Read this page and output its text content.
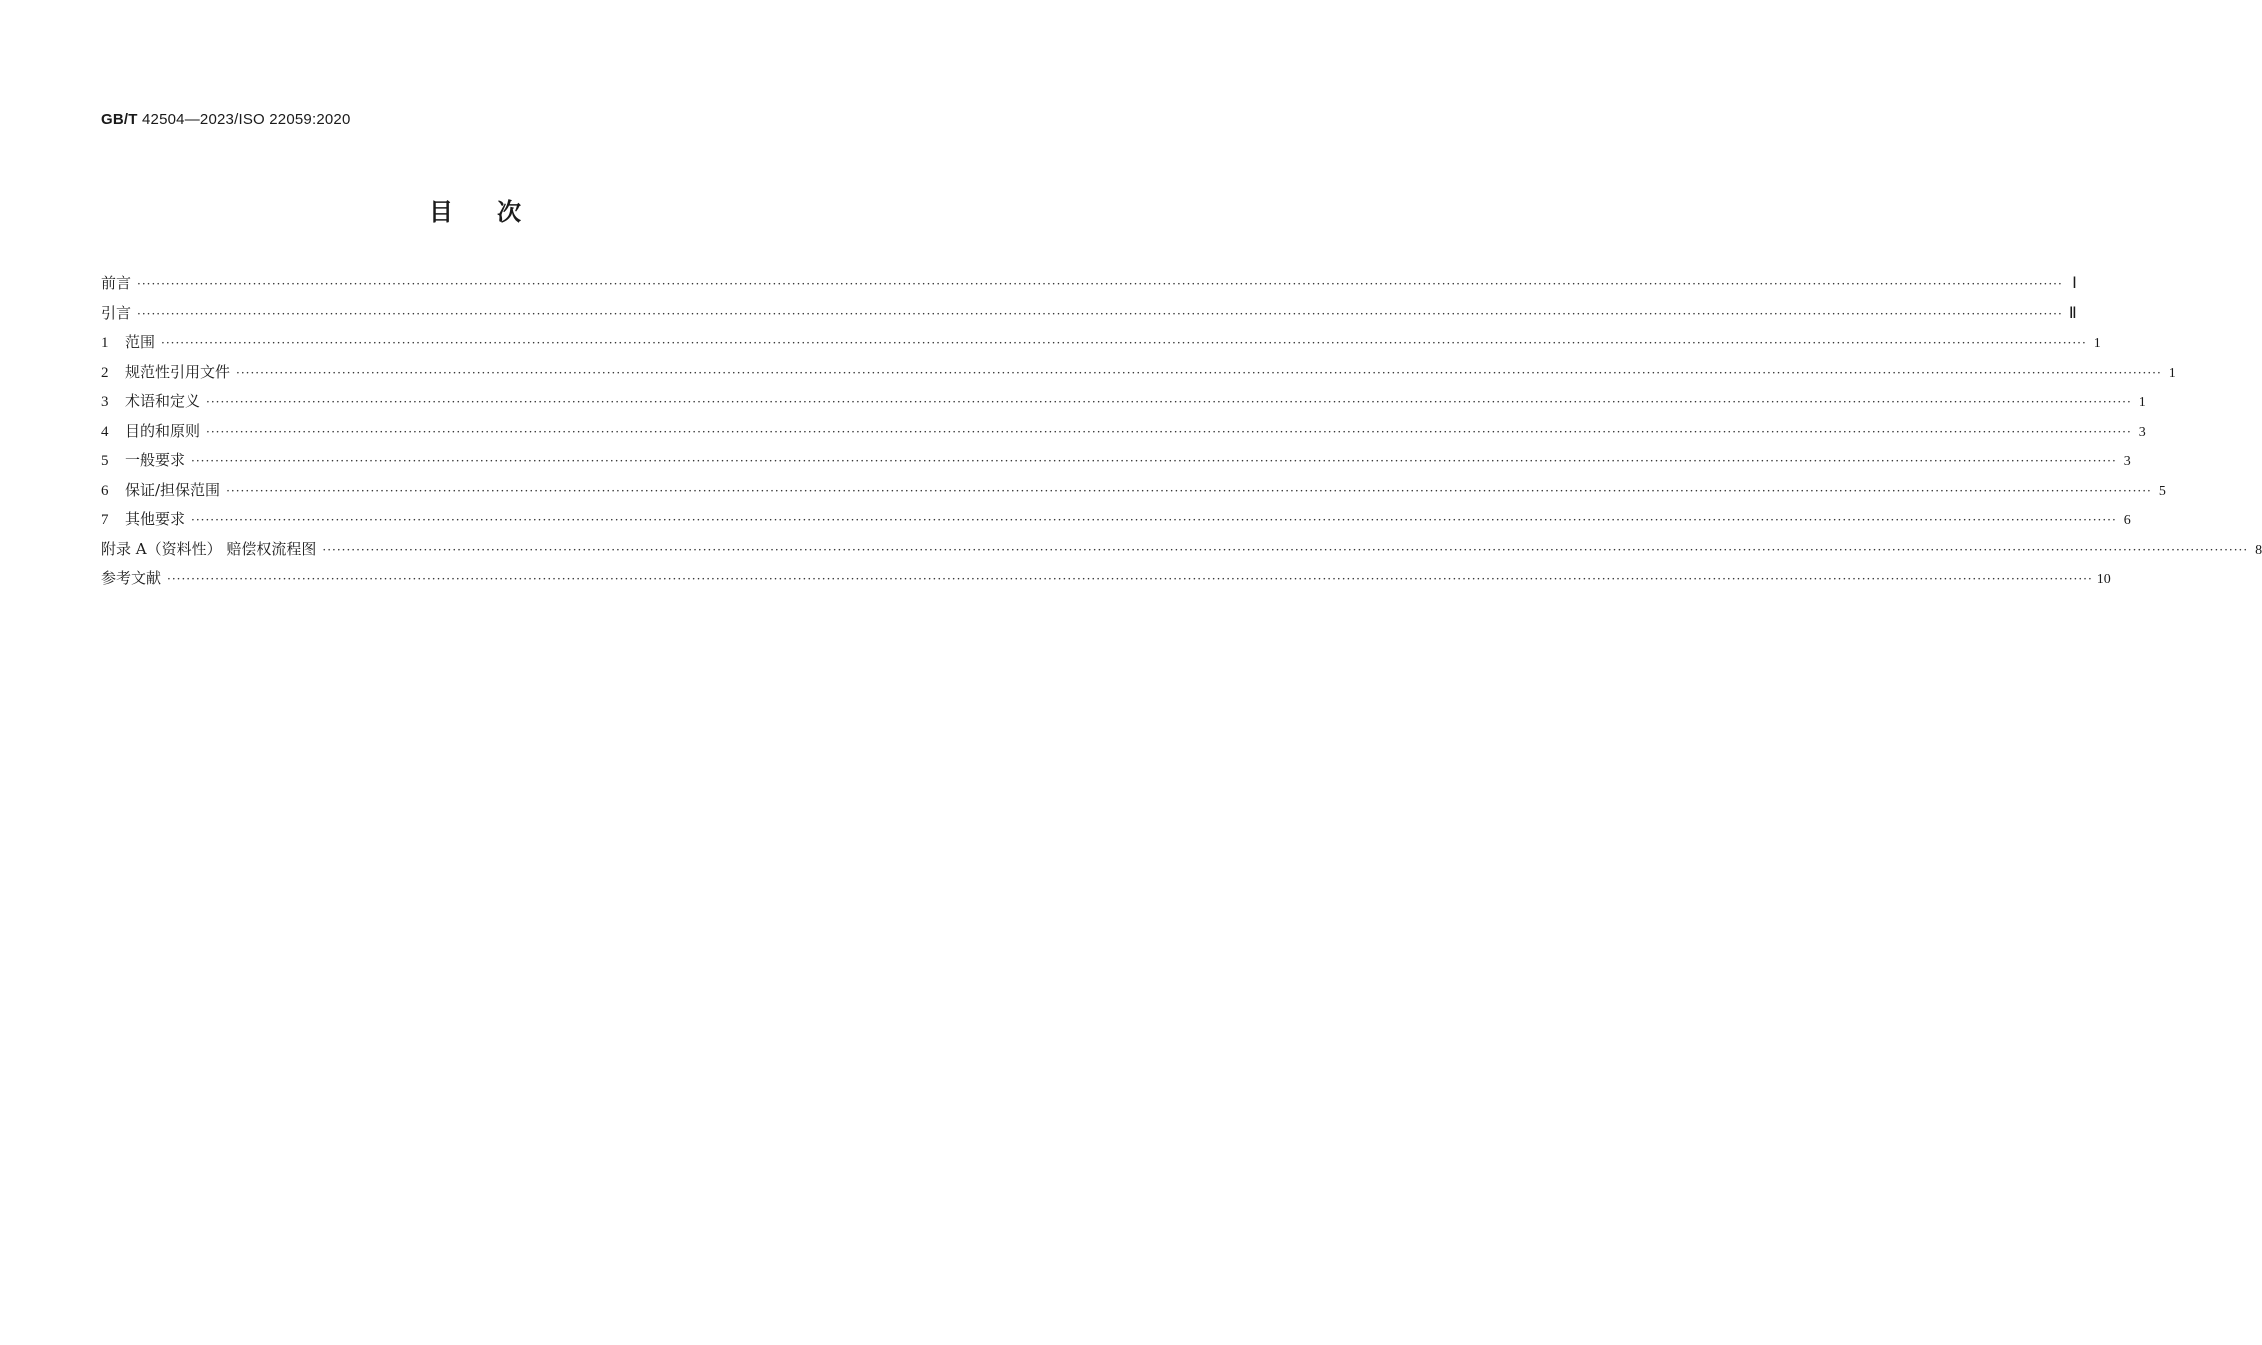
GB/T 42504—2023/ISO 22059:2020
目次
前言 ················································································································································································································································································································································································································ Ⅰ
引言 ················································································································································································································································································································································································································ Ⅱ
1 范围 ················································································································································································································································································································································································································ 1
2 规范性引用文件 ················································································································································································································································································································································································································ 1
3 术语和定义 ················································································································································································································································································································································································································ 1
4 目的和原则 ················································································································································································································································································································································································································ 3
5 一般要求 ················································································································································································································································································································································································································ 3
6 保证/担保范围 ················································································································································································································································································································································································································ 5
7 其他要求 ················································································································································································································································································································································································································ 6
附录 A（资料性） 赔偿权流程图 ················································································································································································································································································································································································································ 8
参考文献 ················································································································································································································································································································································································································ 10
